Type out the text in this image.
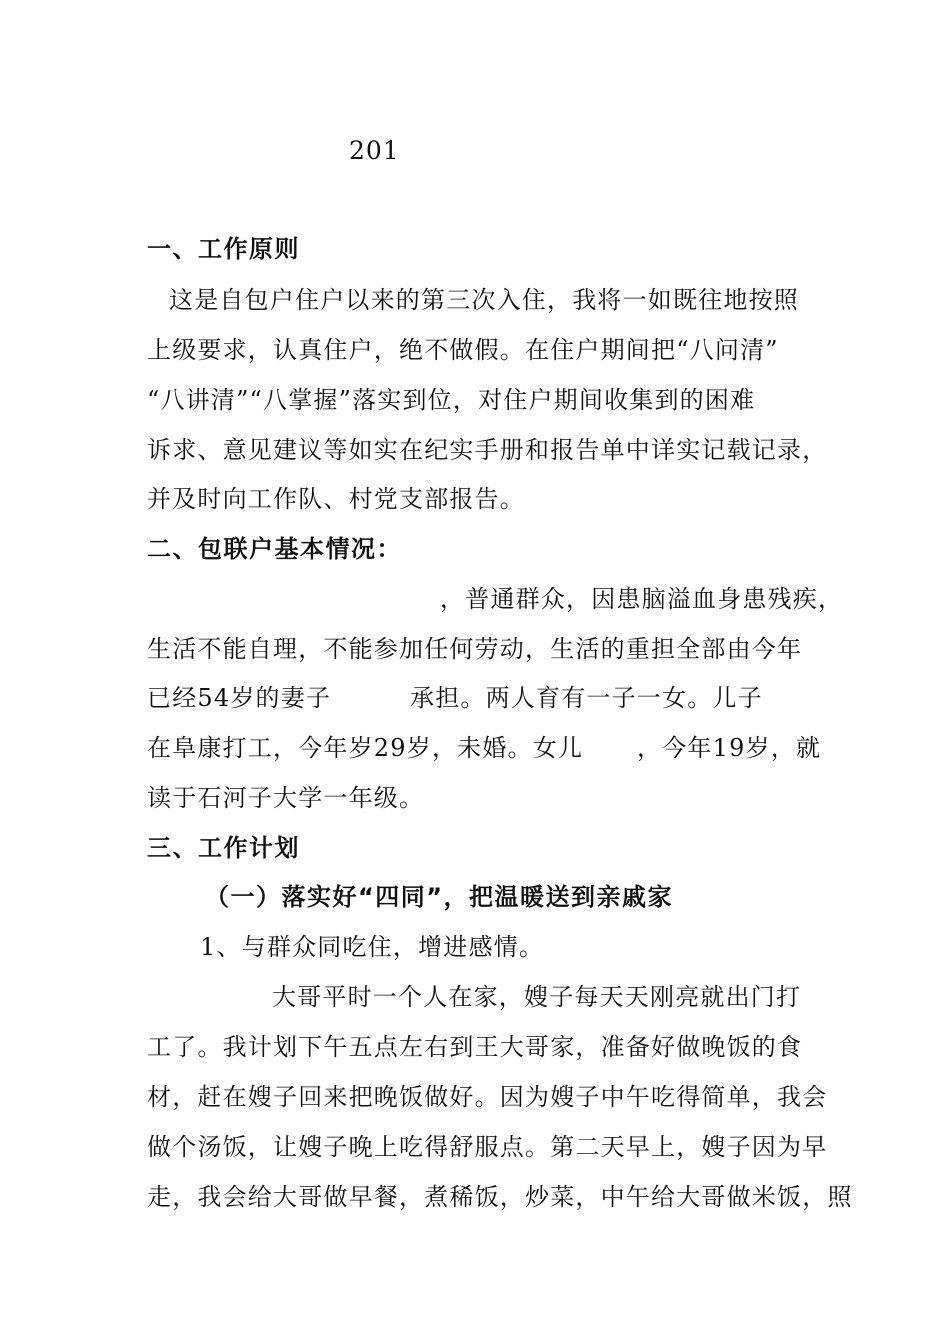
201
一、工作原则
这是自包户住户以来的第三次入住，我将一如既往地按照
上级要求，认真住户，绝不做假。在住户期间把“八问清”
“八讲清”“八掌握”落实到位，对住户期间收集到的困难
诉求、意见建议等如实在纪实手册和报告单中详实记载记录，
并及时向工作队、村党支部报告。
二、包联户基本情况：
，普通群众，因患脑溢血身患残疾，
生活不能自理，不能参加任何劳动，生活的重担全部由今年
已经54岁的妻子	承担。两人育有一子一女。儿子
在阜康打工，今年岁29岁，未婚。女儿 ，今年19岁，就
读于石河子大学一年级。
三、工作计划
（一）落实好“四同”，把温暖送到亲戚家
1、与群众同吃住，增进感情。
大哥平时一个人在家，嫂子每天天刚亮就出门打
工了。我计划下午五点左右到王大哥家，准备好做晚饭的食
材，赶在嫂子回来把晚饭做好。因为嫂子中午吃得简单，我会
做个汤饭，让嫂子晚上吃得舒服点。第二天早上，嫂子因为早
走，我会给大哥做早餐，煮稀饭，炒菜，中午给大哥做米饭，照
